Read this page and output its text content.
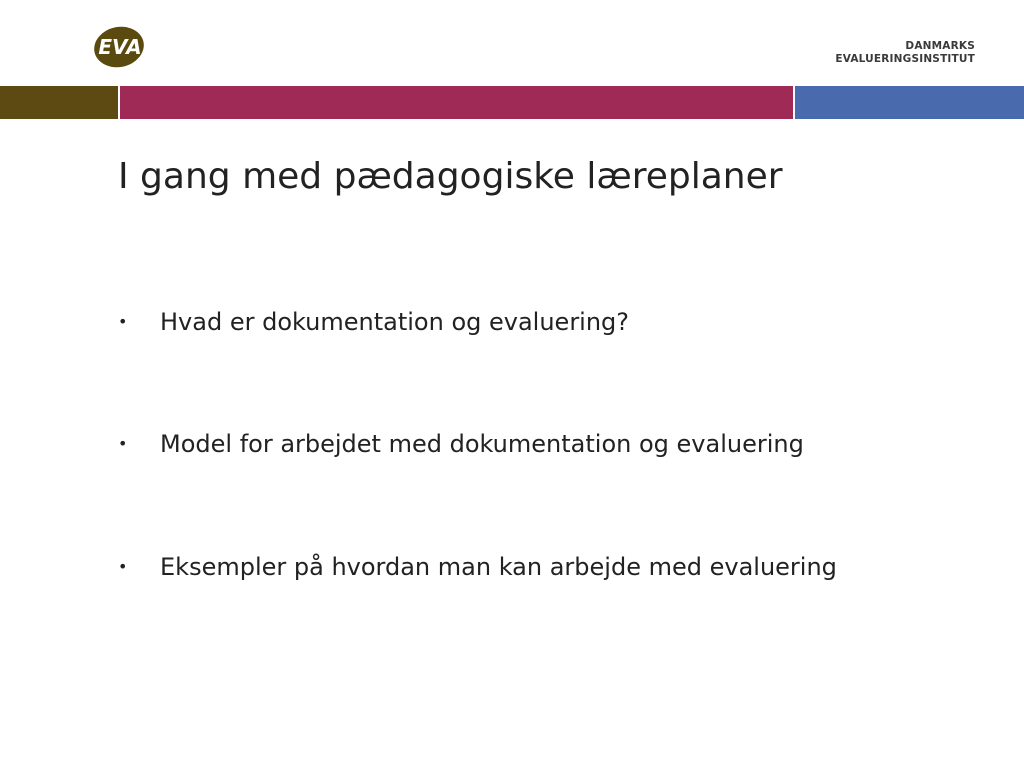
EVA	DANMARKS
EVALUERINGSINSTITUT
I gang med pædagogiske læreplaner
•	Hvad er dokumentation og evaluering?
•	Model for arbejdet med dokumentation og evaluering
•	Eksempler på hvordan man kan arbejde med evaluering
